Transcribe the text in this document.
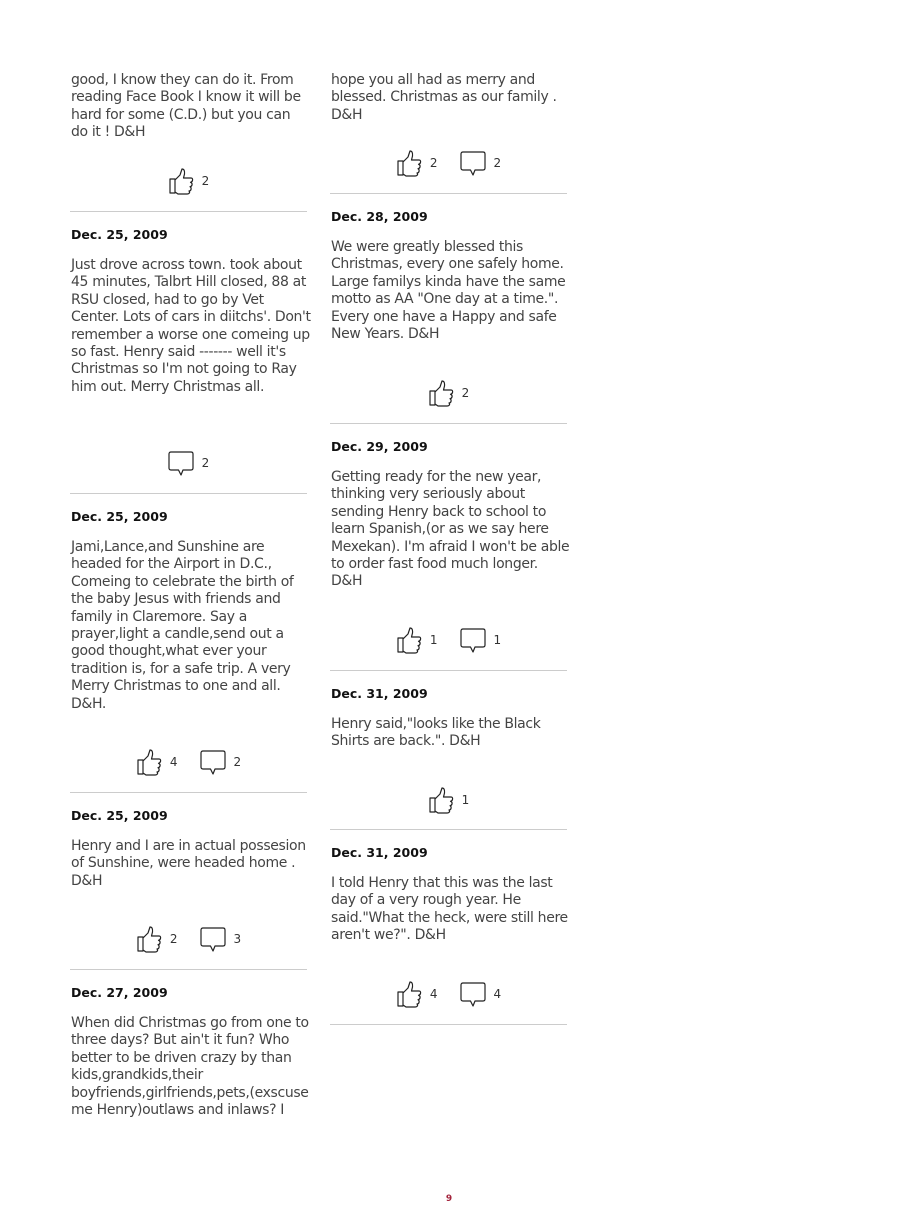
good, I know they can do it. From reading Face Book I know it will be hard for some (C.D.) but you can do it ! D&H

2

Dec. 25, 2009

Just drove across town. took about 45 minutes, Talbrt Hill closed, 88 at RSU closed, had to go by Vet Center. Lots of cars in diitchs'. Don't remember a worse one comeing up so fast. Henry said ------- well it's Christmas so I'm not going to Ray him out. Merry Christmas all.

2

Dec. 25, 2009

Jami,Lance,and Sunshine are headed for the Airport in D.C., Comeing to celebrate the birth of the baby Jesus with friends and family in Claremore. Say a prayer,light a candle,send out a good thought,what ever your tradition is, for a safe trip. A very Merry Christmas to one and all. D&H.

4	2

Dec. 25, 2009

Henry and I are in actual possesion of Sunshine, were headed home . D&H

2	3

Dec. 27, 2009

When did Christmas go from one to three days? But ain't it fun? Who better to be driven crazy by than kids,grandkids,their boyfriends,girlfriends,pets,(exscuse me Henry)outlaws and inlaws? I

hope you all had as merry and blessed. Christmas as our family . D&H

2	2

Dec. 28, 2009

We were greatly blessed this Christmas, every one safely home. Large familys kinda have the same motto as AA "One day at a time.". Every one have a Happy and safe New Years. D&H

2

Dec. 29, 2009

Getting ready for the new year, thinking very seriously about sending Henry back to school to learn Spanish,(or as we say here Mexekan). I'm afraid I won't be able to order fast food much longer. D&H

1	1

Dec. 31, 2009

Henry said,"looks like the Black Shirts are back.". D&H

1

Dec. 31, 2009

I told Henry that this was the last day of a very rough year. He said."What the heck, were still here aren't we?". D&H

4	4

9
